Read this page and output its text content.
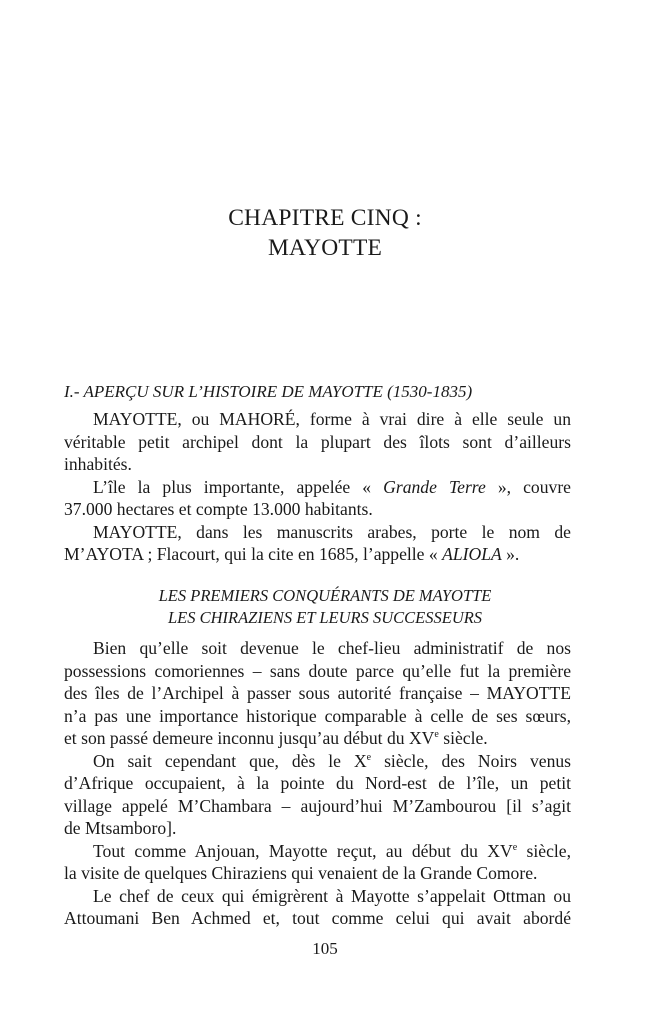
CHAPITRE CINQ :
MAYOTTE
I.- APERÇU SUR L’HISTOIRE DE MAYOTTE (1530-1835)
MAYOTTE, ou MAHORÉ, forme à vrai dire à elle seule un
véritable petit archipel dont la plupart des îlots sont d’ailleurs
inhabités.
L’île la plus importante, appelée « Grande Terre », couvre
37.000 hectares et compte 13.000 habitants.
MAYOTTE, dans les manuscrits arabes, porte le nom de
M’AYOTA ; Flacourt, qui la cite en 1685, l’appelle « ALIOLA ».
LES PREMIERS CONQUÉRANTS DE MAYOTTE
LES CHIRAZIENS ET LEURS SUCCESSEURS
Bien qu’elle soit devenue le chef-lieu administratif de nos
possessions comoriennes – sans doute parce qu’elle fut la première
des îles de l’Archipel à passer sous autorité française – MAYOTTE
n’a pas une importance historique comparable à celle de ses sœurs,
et son passé demeure inconnu jusqu’au début du XVe siècle.
On sait cependant que, dès le Xe siècle, des Noirs venus
d’Afrique occupaient, à la pointe du Nord-est de l’île, un petit
village appelé M’Chambara – aujourd’hui M’Zambourou [il s’agit
de Mtsamboro].
Tout comme Anjouan, Mayotte reçut, au début du XVe siècle,
la visite de quelques Chiraziens qui venaient de la Grande Comore.
Le chef de ceux qui émigrèrent à Mayotte s’appelait Ottman ou
Attoumani Ben Achmed et, tout comme celui qui avait abordé
105
